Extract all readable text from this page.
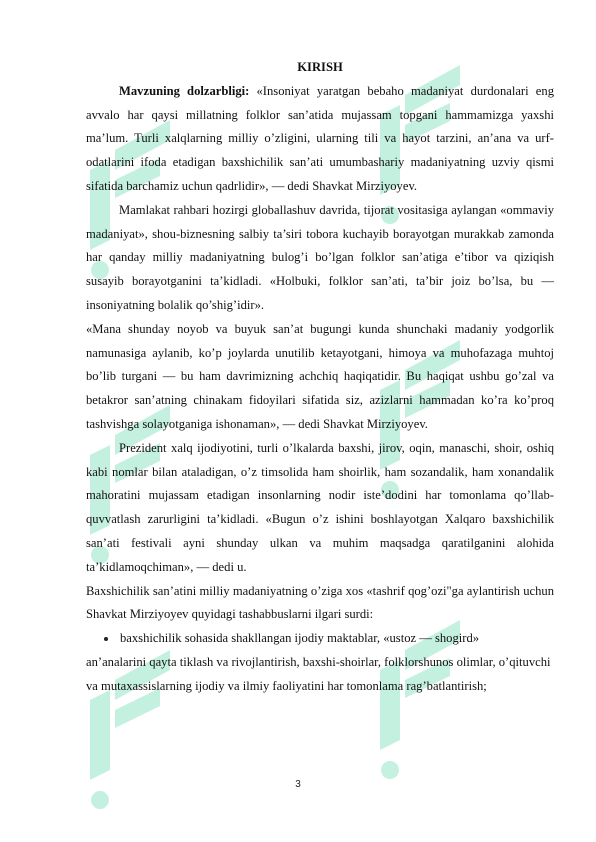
KIRISH

Mavzuning dolzarbligi: «Insoniyat yaratgan bebaho madaniyat durdonalari eng avvalo har qaysi millatning folklor san’atida mujassam topgani hammamizga yaxshi ma’lum. Turli xalqlarning milliy o’zligini, ularning tili va hayot tarzini, an’ana va urf-odatlarini ifoda etadigan baxshichilik san’ati umumbashariy madaniyatning uzviy qismi sifatida barchamiz uchun qadrlidir», — dedi Shavkat Mirziyoyev.

Mamlakat rahbari hozirgi globallashuv davrida, tijorat vositasiga aylangan «ommaviy madaniyat», shou-biznesning salbiy ta’siri tobora kuchayib borayotgan murakkab zamonda har qanday milliy madaniyatning bulog’i bo’lgan folklor san’atiga e’tibor va qiziqish susayib borayotganini ta’kidladi. «Holbuki, folklor san’ati, ta’bir joiz bo’lsa, bu — insoniyatning bolalik qo’shig’idir».

«Mana shunday noyob va buyuk san’at bugungi kunda shunchaki madaniy yodgorlik namunasiga aylanib, ko’p joylarda unutilib ketayotgani, himoya va muhofazaga muhtoj bo’lib turgani — bu ham davrimizning achchiq haqiqatidir. Bu haqiqat ushbu go’zal va betakror san’atning chinakam fidoyilari sifatida siz, azizlarni hammadan ko’ra ko’proq tashvishga solayotganiga ishonaman», — dedi Shavkat Mirziyoyev.

Prezident xalq ijodiyotini, turli o’lkalarda baxshi, jirov, oqin, manaschi, shoir, oshiq kabi nomlar bilan ataladigan, o’z timsolida ham shoirlik, ham sozandalik, ham xonandalik mahoratini mujassam etadigan insonlarning nodir iste’dodini har tomonlama qo’llab-quvvatlash zarurligini ta’kidladi. «Bugun o’z ishini boshlayotgan Xalqaro baxshichilik san’ati festivali ayni shunday ulkan va muhim maqsadga qaratilganini alohida ta’kidlamoqchiman», — dedi u.

Baxshichilik san’atini milliy madaniyatning o’ziga xos «tashrif qog’ozi"ga aylantirish uchun Shavkat Mirziyoyev quyidagi tashabbuslarni ilgari surdi:

baxshichilik sohasida shakllangan ijodiy maktablar, «ustoz — shogird»

an’analarini qayta tiklash va rivojlantirish, baxshi-shoirlar, folklorshunos olimlar, o’qituvchi va mutaxassislarning ijodiy va ilmiy faoliyatini har tomonlama rag’batlantirish;

3
